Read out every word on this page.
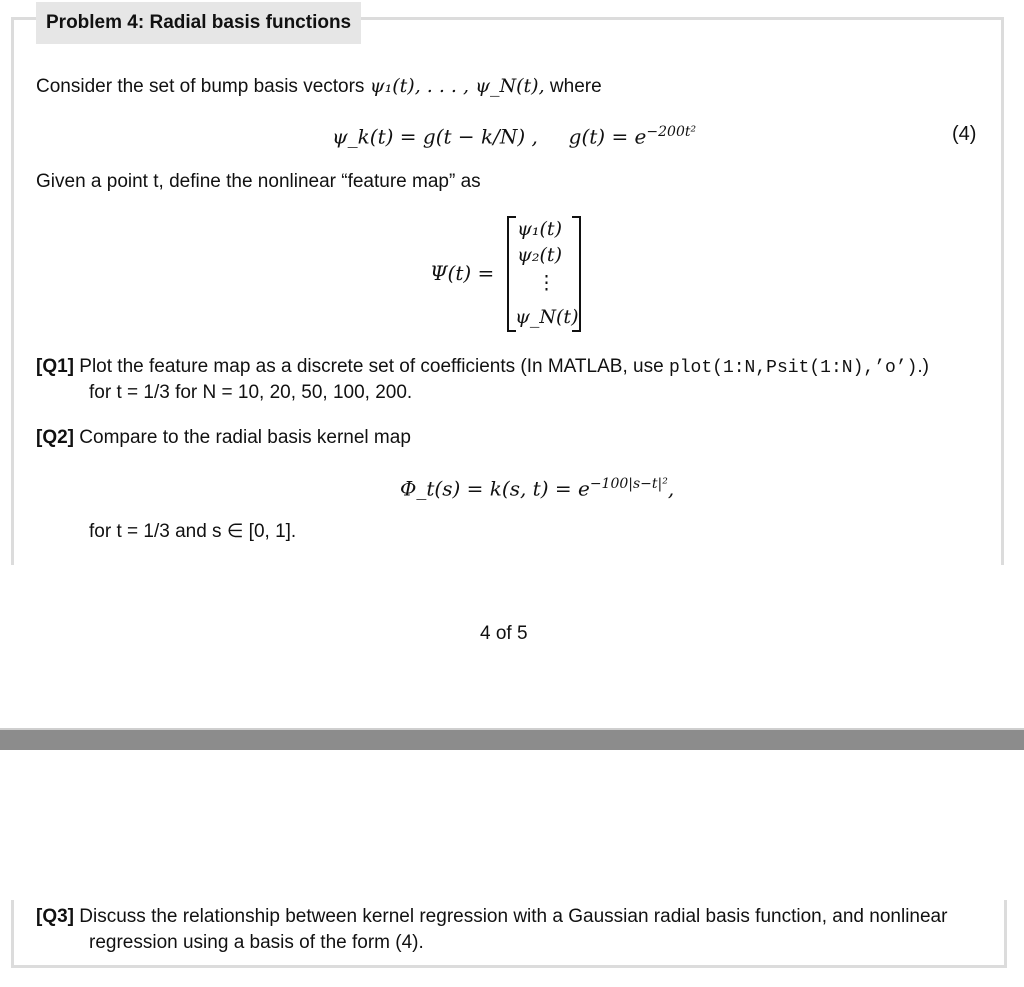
Problem 4: Radial basis functions
Consider the set of bump basis vectors ψ₁(t), . . . , ψ_N(t), where
ψ_k(t) = g(t − k/N) , $g(t) = e^{-200t^2}$	(4)
Given a point t, define the nonlinear “feature map” as
Ψ(t) =
ψ₁(t)
ψ₂(t)
⋮
ψ_N(t)
[Q1] Plot the feature map as a discrete set of coefficients (In MATLAB, use plot(1:N,Psit(1:N),’o’).)
for t = 1/3 for N = 10, 20, 50, 100, 200.
[Q2] Compare to the radial basis kernel map
Φ_t(s) = k(s, $t) = e^{-100|s-t|^2}$,
for t = 1/3 and s ∈ [0, 1].
4 of 5
[Q3] Discuss the relationship between kernel regression with a Gaussian radial basis function, and nonlinear
regression using a basis of the form (4).
